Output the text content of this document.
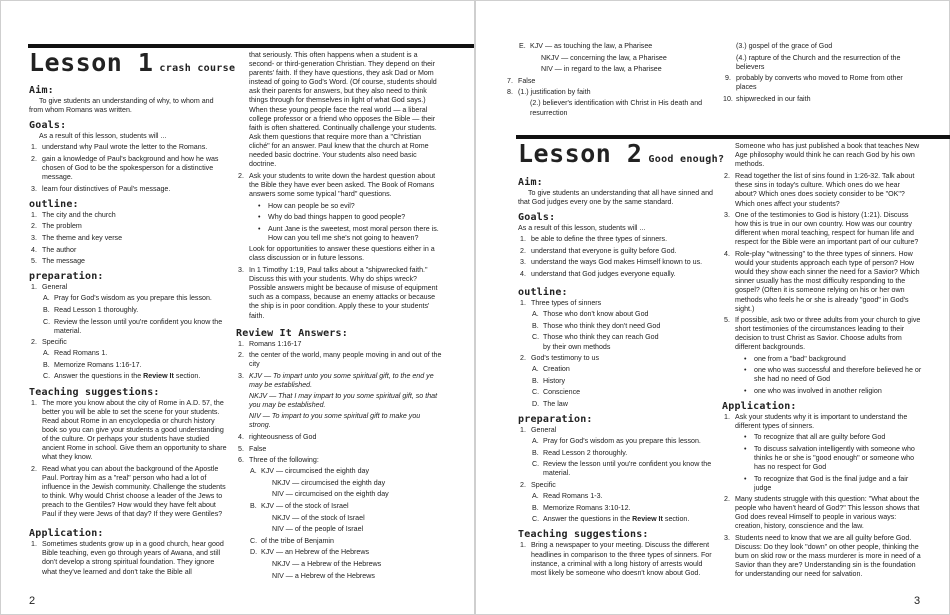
Lesson 1 crash course
Aim:

To give students an understanding of why, to whom and from whom Romans was written.

Goals:

As a result of this lesson, students will ...

1. understand why Paul wrote the letter to the Romans.
2. gain a knowledge of Paul's background and how he was chosen of God to be the spokesperson for a distinctive message.
3. learn four distinctives of Paul's message.
outline:
1. The city and the church
2. The problem
3. The theme and key verse
4. The author
5. The message
preparation:
1. General
A. Pray for God's wisdom as you prepare this lesson.
B. Read Lesson 1 thoroughly.
C. Review the lesson until you're confident you know the material.
2. Specific
A. Read Romans 1.
B. Memorize Romans 1:16-17.
C. Answer the questions in the Review It section.
Teaching suggestions:
1. The more you know about the city of Rome in A.D. 57, the better you will be able to set the scene for your students. Read about Rome in an encyclopedia or church history book so you can give your students a good understanding of the culture. Or perhaps your students have studied ancient Rome in school. Give them an opportunity to share what they know.
2. Read what you can about the background of the Apostle Paul. Portray him as a "real" person who had a lot of influence in the Jewish community. Challenge the students to think. Why would Christ choose a leader of the Jews to preach to the Gentiles? How would they have felt about Paul if they were Jews of that day? If they were Gentiles?
Application:
1. Sometimes students grow up in a good church, hear good Bible teaching, even go through years of Awana, and still don't develop a strong spiritual foundation. They ignore what they've learned and don't take the Bible all
2
that seriously. This often happens when a student is a second- or third-generation Christian. They depend on their parents' faith. If they have questions, they ask Dad or Mom instead of going to God's Word. (Of course, students should ask their parents for answers, but they also need to think things through for themselves in light of what God says.) When these young people face the real world — a liberal college professor or a friend who opposes the Bible — their faith is often shattered. Continually challenge your students. Ask them questions that require more than a "Christian cliché" for an answer. Paul knew that the church at Rome needed basic doctrine. Your students also need basic doctrine.
2. Ask your students to write down the hardest question about the Bible they have ever been asked. The Book of Romans answers some some typical "hard" questions.
• How can people be so evil?
• Why do bad things happen to good people?
• Aunt Jane is the sweetest, most moral person there is. How can you tell me she's not going to heaven?
Look for opportunities to answer these questions either in a class discussion or in future lessons.
3. In 1 Timothy 1:19, Paul talks about a "shipwrecked faith." Discuss this with your students. Why do ships wreck? Possible answers might be because of misuse of equipment such as a compass, because an enemy attacks or because the ship is in poor condition. Apply these to your students' faith.
Review It Answers:
1. Romans 1:16-17
2. the center of the world, many people moving in and out of the city
3. KJV — To impart unto you some spiritual gift, to the end ye may be established.
NKJV — That I may impart to you some spiritual gift, so that you may be established.
NIV — To impart to you some spiritual gift to make you strong.
4. righteousness of God
5. False
6. Three of the following:
A. KJV — circumcised the eighth day
NKJV — circumcised the eighth day
NIV — circumcised on the eighth day
B. KJV — of the stock of Israel
NKJV — of the stock of Israel
NIV — of the people of Israel
C. of the tribe of Benjamin
D. KJV — an Hebrew of the Hebrews
NKJV — a Hebrew of the Hebrews
NIV — a Hebrew of the Hebrews
E. KJV — as touching the law, a Pharisee
NKJV — concerning the law, a Pharisee
NIV — in regard to the law, a Pharisee
7. False
8. (1.) justification by faith
(2.) believer's identification with Christ in His death and resurrection
(3.) gospel of the grace of God
(4.) rapture of the Church and the resurrection of the believers
9. probably by converts who moved to Rome from other places
10. shipwrecked in our faith
Lesson 2 Good enough?
Aim:

To give students an understanding that all have sinned and that God judges every one by the same standard.

Goals:

As a result of this lesson, students will ...

1. be able to define the three types of sinners.
2. understand that everyone is guilty before God.
3. understand the ways God makes Himself known to us.
4. understand that God judges everyone equally.
outline:
1. Three types of sinners
A. Those who don't know about God
B. Those who think they don't need God
C. Those who think they can reach God by their own methods
2. God's testimony to us
A. Creation
B. History
C. Conscience
D. The law
preparation:
1. General
A. Pray for God's wisdom as you prepare this lesson.
B. Read Lesson 2 thoroughly.
C. Review the lesson until you're confident you know the material.
2. Specific
A. Read Romans 1-3.
B. Memorize Romans 3:10-12.
C. Answer the questions in the Review It section.
Teaching suggestions:
1. Bring a newspaper to your meeting. Discuss the different headlines in comparison to the three types of sinners. For instance, a criminal with a long history of arrests would most likely be someone who doesn't know about God.
Someone who has just published a book that teaches New Age philosophy would think he can reach God by his own methods.
2. Read together the list of sins found in 1:26-32. Talk about these sins in today's culture. Which ones do we hear about? Which ones does society consider to be "OK"? Which ones affect your students?
3. One of the testimonies to God is history (1:21). Discuss how this is true in our own country. How was our country different when moral teaching, respect for human life and respect for the Bible were an important part of our culture?
4. Role-play "witnessing" to the three types of sinners. How would your students approach each type of person? How would they show each sinner the need for a Savior? Which sinner usually has the most difficulty responding to the gospel? (Often it is someone relying on his or her own methods who feels he or she is already "good" in God's sight.)
5. If possible, ask two or three adults from your church to give short testimonies of the circumstances leading to their decision to trust Christ as Savior. Choose adults from different backgrounds.
• one from a "bad" background
• one who was successful and therefore believed he or she had no need of God
• one who was involved in another religion
Application:
1. Ask your students why it is important to understand the different types of sinners.
• To recognize that all are guilty before God
• To discuss salvation intelligently with someone who thinks he or she is "good enough" or someone who has no respect for God
• To recognize that God is the final judge and a fair judge
2. Many students struggle with this question: "What about the people who haven't heard of God?" This lesson shows that God does reveal Himself to people in various ways: creation, history, conscience and the law.
3. Students need to know that we are all guilty before God. Discuss: Do they look "down" on other people, thinking the bum on skid row or the mass murderer is more in need of a Savior than they are? Understanding sin is the foundation for understanding our need for salvation.
3
